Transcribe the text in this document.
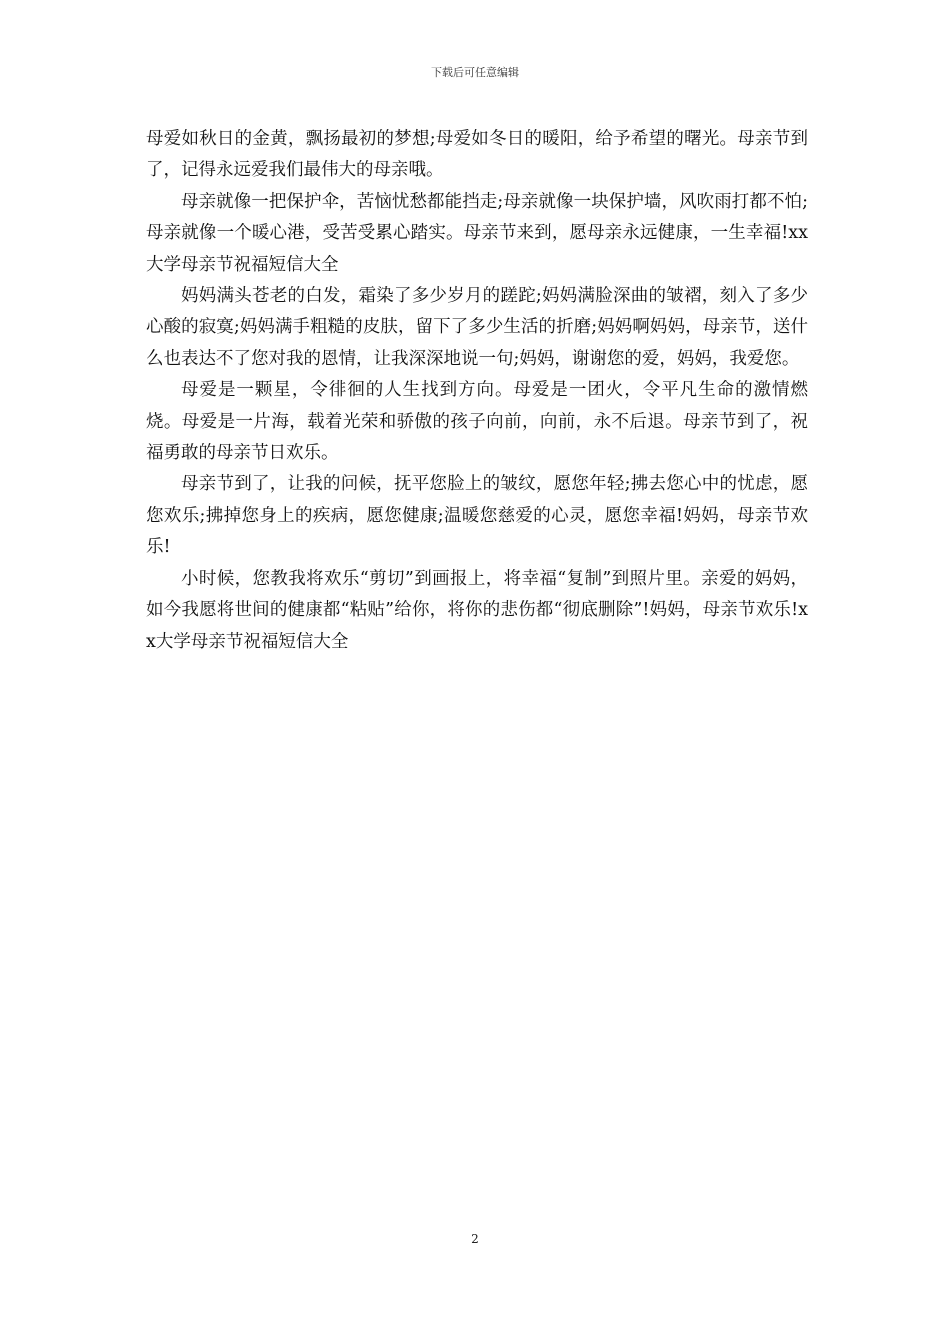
下载后可任意编辑

母爱如秋日的金黄，飘扬最初的梦想;母爱如冬日的暖阳，给予希望的曙光。母亲节到了，记得永远爱我们最伟大的母亲哦。

母亲就像一把保护伞，苦恼忧愁都能挡走;母亲就像一块保护墙，风吹雨打都不怕;母亲就像一个暖心港，受苦受累心踏实。母亲节来到，愿母亲永远健康，一生幸福!xx大学母亲节祝福短信大全

妈妈满头苍老的白发，霜染了多少岁月的蹉跎;妈妈满脸深曲的皱褶，刻入了多少心酸的寂寞;妈妈满手粗糙的皮肤，留下了多少生活的折磨;妈妈啊妈妈，母亲节，送什么也表达不了您对我的恩情，让我深深地说一句;妈妈，谢谢您的爱，妈妈，我爱您。

母爱是一颗星，令徘徊的人生找到方向。母爱是一团火，令平凡生命的激情燃烧。母爱是一片海，载着光荣和骄傲的孩子向前，向前，永不后退。母亲节到了，祝福勇敢的母亲节日欢乐。

母亲节到了，让我的问候，抚平您脸上的皱纹，愿您年轻;拂去您心中的忧虑，愿您欢乐;拂掉您身上的疾病，愿您健康;温暖您慈爱的心灵，愿您幸福!妈妈，母亲节欢乐!

小时候，您教我将欢乐“剪切”到画报上，将幸福“复制”到照片里。亲爱的妈妈，如今我愿将世间的健康都“粘贴”给你，将你的悲伤都“彻底删除”!妈妈，母亲节欢乐!xx大学母亲节祝福短信大全

2
